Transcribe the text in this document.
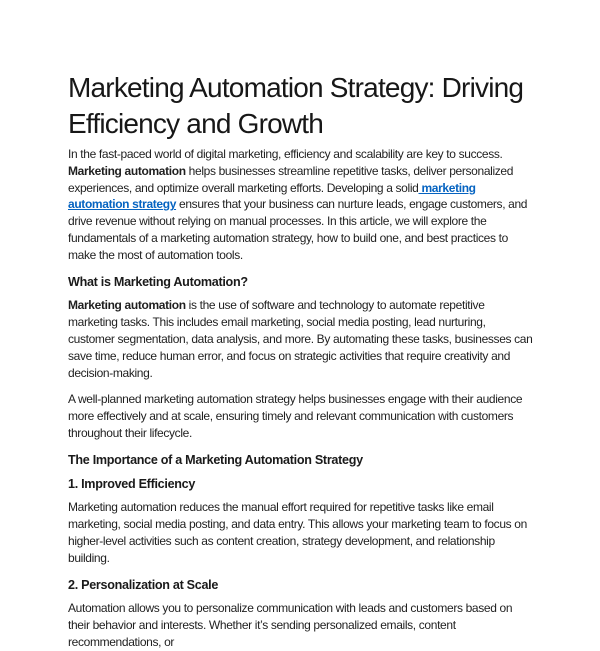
Marketing Automation Strategy: Driving
Efficiency and Growth

In the fast-paced world of digital marketing, efficiency and scalability are key to success. Marketing automation helps businesses streamline repetitive tasks, deliver personalized experiences, and optimize overall marketing efforts. Developing a solid marketing automation strategy ensures that your business can nurture leads, engage customers, and drive revenue without relying on manual processes. In this article, we will explore the fundamentals of a marketing automation strategy, how to build one, and best practices to make the most of automation tools.

What is Marketing Automation?

Marketing automation is the use of software and technology to automate repetitive marketing tasks. This includes email marketing, social media posting, lead nurturing, customer segmentation, data analysis, and more. By automating these tasks, businesses can save time, reduce human error, and focus on strategic activities that require creativity and decision-making.

A well-planned marketing automation strategy helps businesses engage with their audience more effectively and at scale, ensuring timely and relevant communication with customers throughout their lifecycle.

The Importance of a Marketing Automation Strategy
1. Improved Efficiency

Marketing automation reduces the manual effort required for repetitive tasks like email marketing, social media posting, and data entry. This allows your marketing team to focus on higher-level activities such as content creation, strategy development, and relationship building.

2. Personalization at Scale

Automation allows you to personalize communication with leads and customers based on their behavior and interests. Whether it’s sending personalized emails, content recommendations, or
